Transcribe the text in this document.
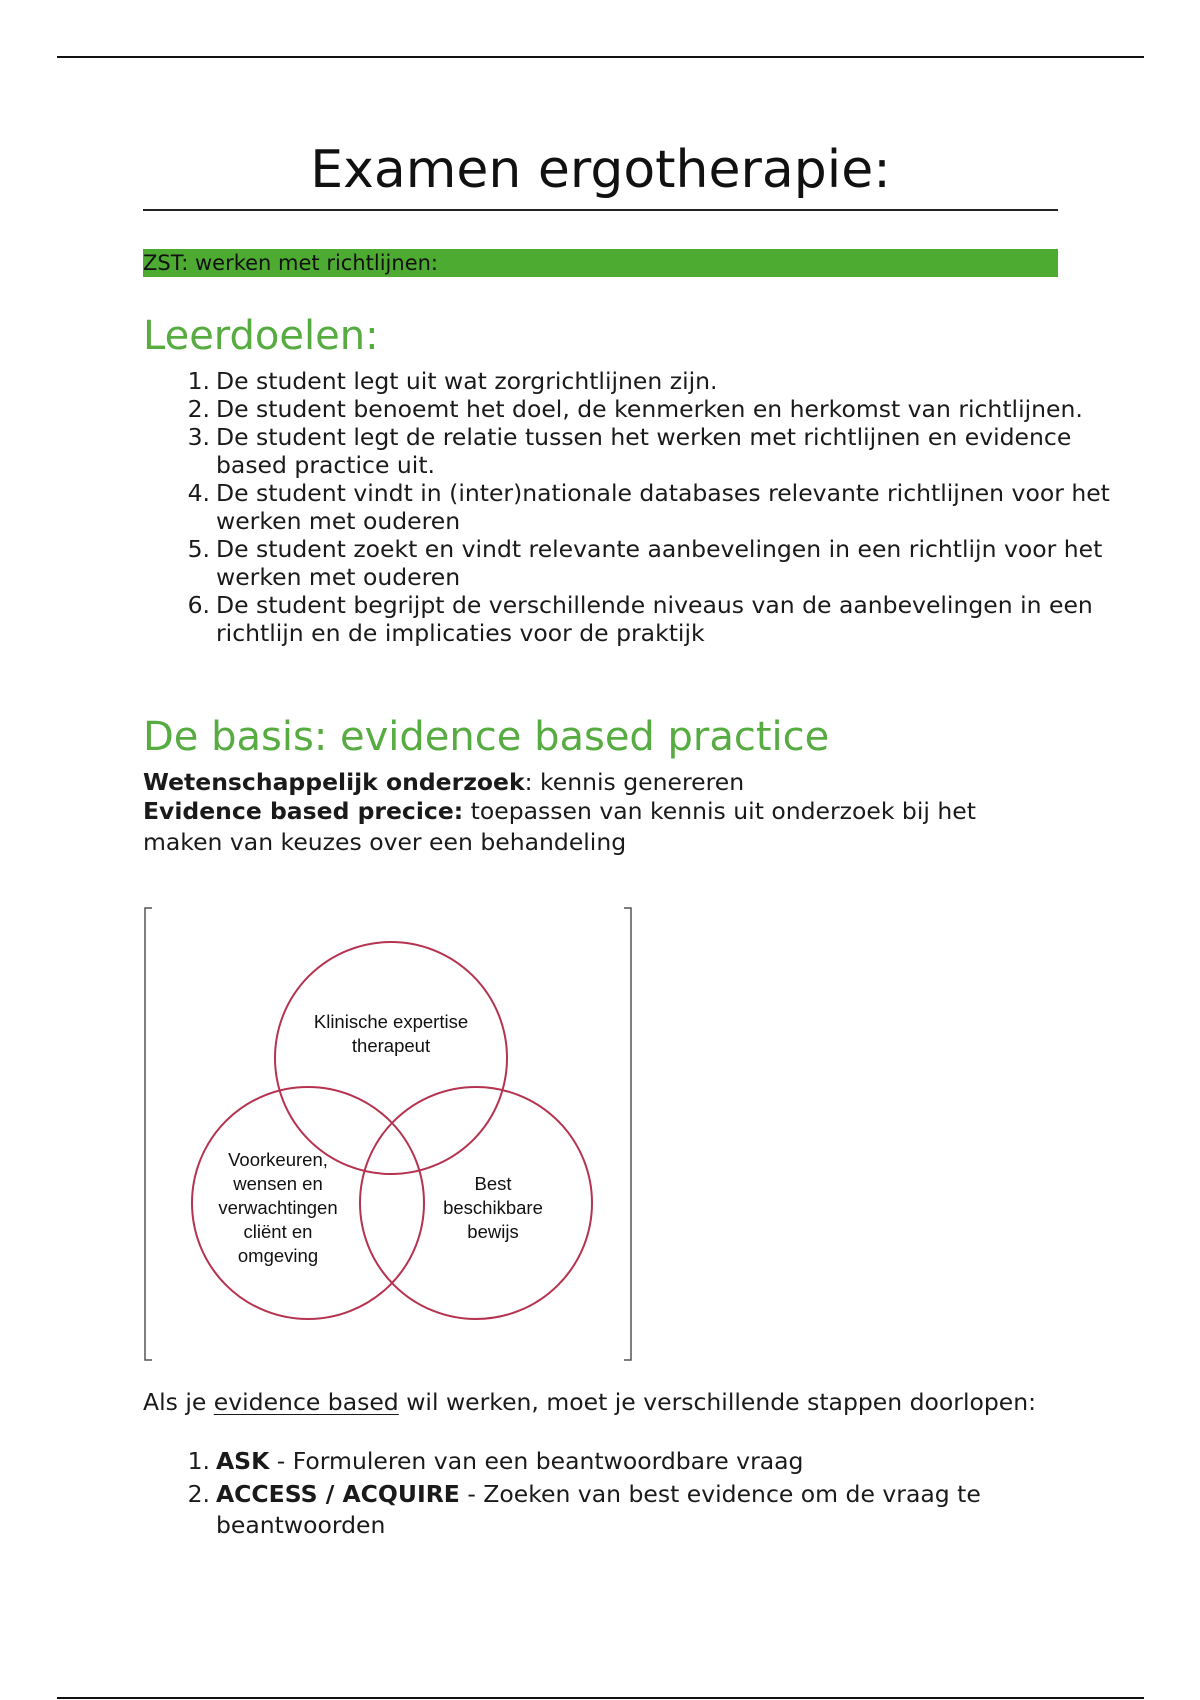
Examen ergotherapie:
ZST: werken met richtlijnen:
Leerdoelen:
1. De student legt uit wat zorgrichtlijnen zijn.
2. De student benoemt het doel, de kenmerken en herkomst van richtlijnen.
3. De student legt de relatie tussen het werken met richtlijnen en evidence based practice uit.
4. De student vindt in (inter)nationale databases relevante richtlijnen voor het werken met ouderen
5. De student zoekt en vindt relevante aanbevelingen in een richtlijn voor het werken met ouderen
6. De student begrijpt de verschillende niveaus van de aanbevelingen in een richtlijn en de implicaties voor de praktijk
De basis: evidence based practice
Wetenschappelijk onderzoek: kennis genereren
Evidence based precice: toepassen van kennis uit onderzoek bij het maken van keuzes over een behandeling
Klinische expertise
therapeut
Voorkeuren,
wensen en
verwachtingen
cliënt en
omgeving
Best
beschikbare
bewijs
Als je evidence based wil werken, moet je verschillende stappen doorlopen:
1. ASK - Formuleren van een beantwoordbare vraag
2. ACCESS / ACQUIRE - Zoeken van best evidence om de vraag te beantwoorden
